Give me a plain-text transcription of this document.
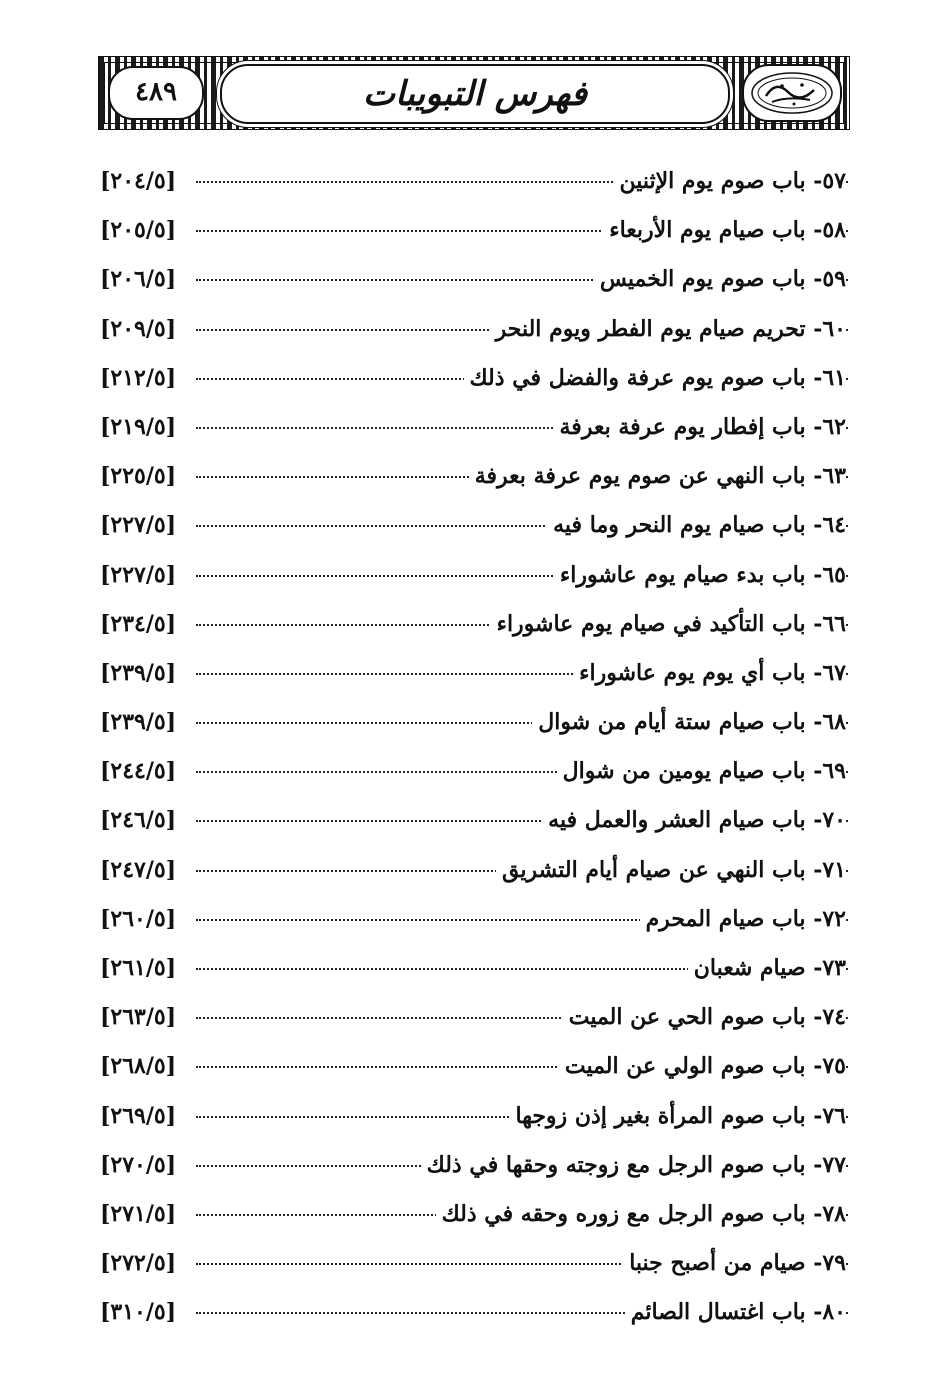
٤٨٩	فهرس التبويبات
٥٧- باب صوم يوم الإثنين
[٢٠٤/٥]
٥٨- باب صيام يوم الأربعاء
[٢٠٥/٥]
٥٩- باب صوم يوم الخميس
[٢٠٦/٥]
٦٠- تحريم صيام يوم الفطر ويوم النحر
[٢٠٩/٥]
٦١- باب صوم يوم عرفة والفضل في ذلك
[٢١٢/٥]
٦٢- باب إفطار يوم عرفة بعرفة
[٢١٩/٥]
٦٣- باب النهي عن صوم يوم عرفة بعرفة
[٢٢٥/٥]
٦٤- باب صيام يوم النحر وما فيه
[٢٢٧/٥]
٦٥- باب بدء صيام يوم عاشوراء
[٢٢٧/٥]
٦٦- باب التأكيد في صيام يوم عاشوراء
[٢٣٤/٥]
٦٧- باب أي يوم يوم عاشوراء
[٢٣٩/٥]
٦٨- باب صيام ستة أيام من شوال
[٢٣٩/٥]
٦٩- باب صيام يومين من شوال
[٢٤٤/٥]
٧٠- باب صيام العشر والعمل فيه
[٢٤٦/٥]
٧١- باب النهي عن صيام أيام التشريق
[٢٤٧/٥]
٧٢- باب صيام المحرم
[٢٦٠/٥]
٧٣- صيام شعبان
[٢٦١/٥]
٧٤- باب صوم الحي عن الميت
[٢٦٣/٥]
٧٥- باب صوم الولي عن الميت
[٢٦٨/٥]
٧٦- باب صوم المرأة بغير إذن زوجها
[٢٦٩/٥]
٧٧- باب صوم الرجل مع زوجته وحقها في ذلك
[٢٧٠/٥]
٧٨- باب صوم الرجل مع زوره وحقه في ذلك
[٢٧١/٥]
٧٩- صيام من أصبح جنبا
[٢٧٢/٥]
٨٠- باب اغتسال الصائم
[٣١٠/٥]
